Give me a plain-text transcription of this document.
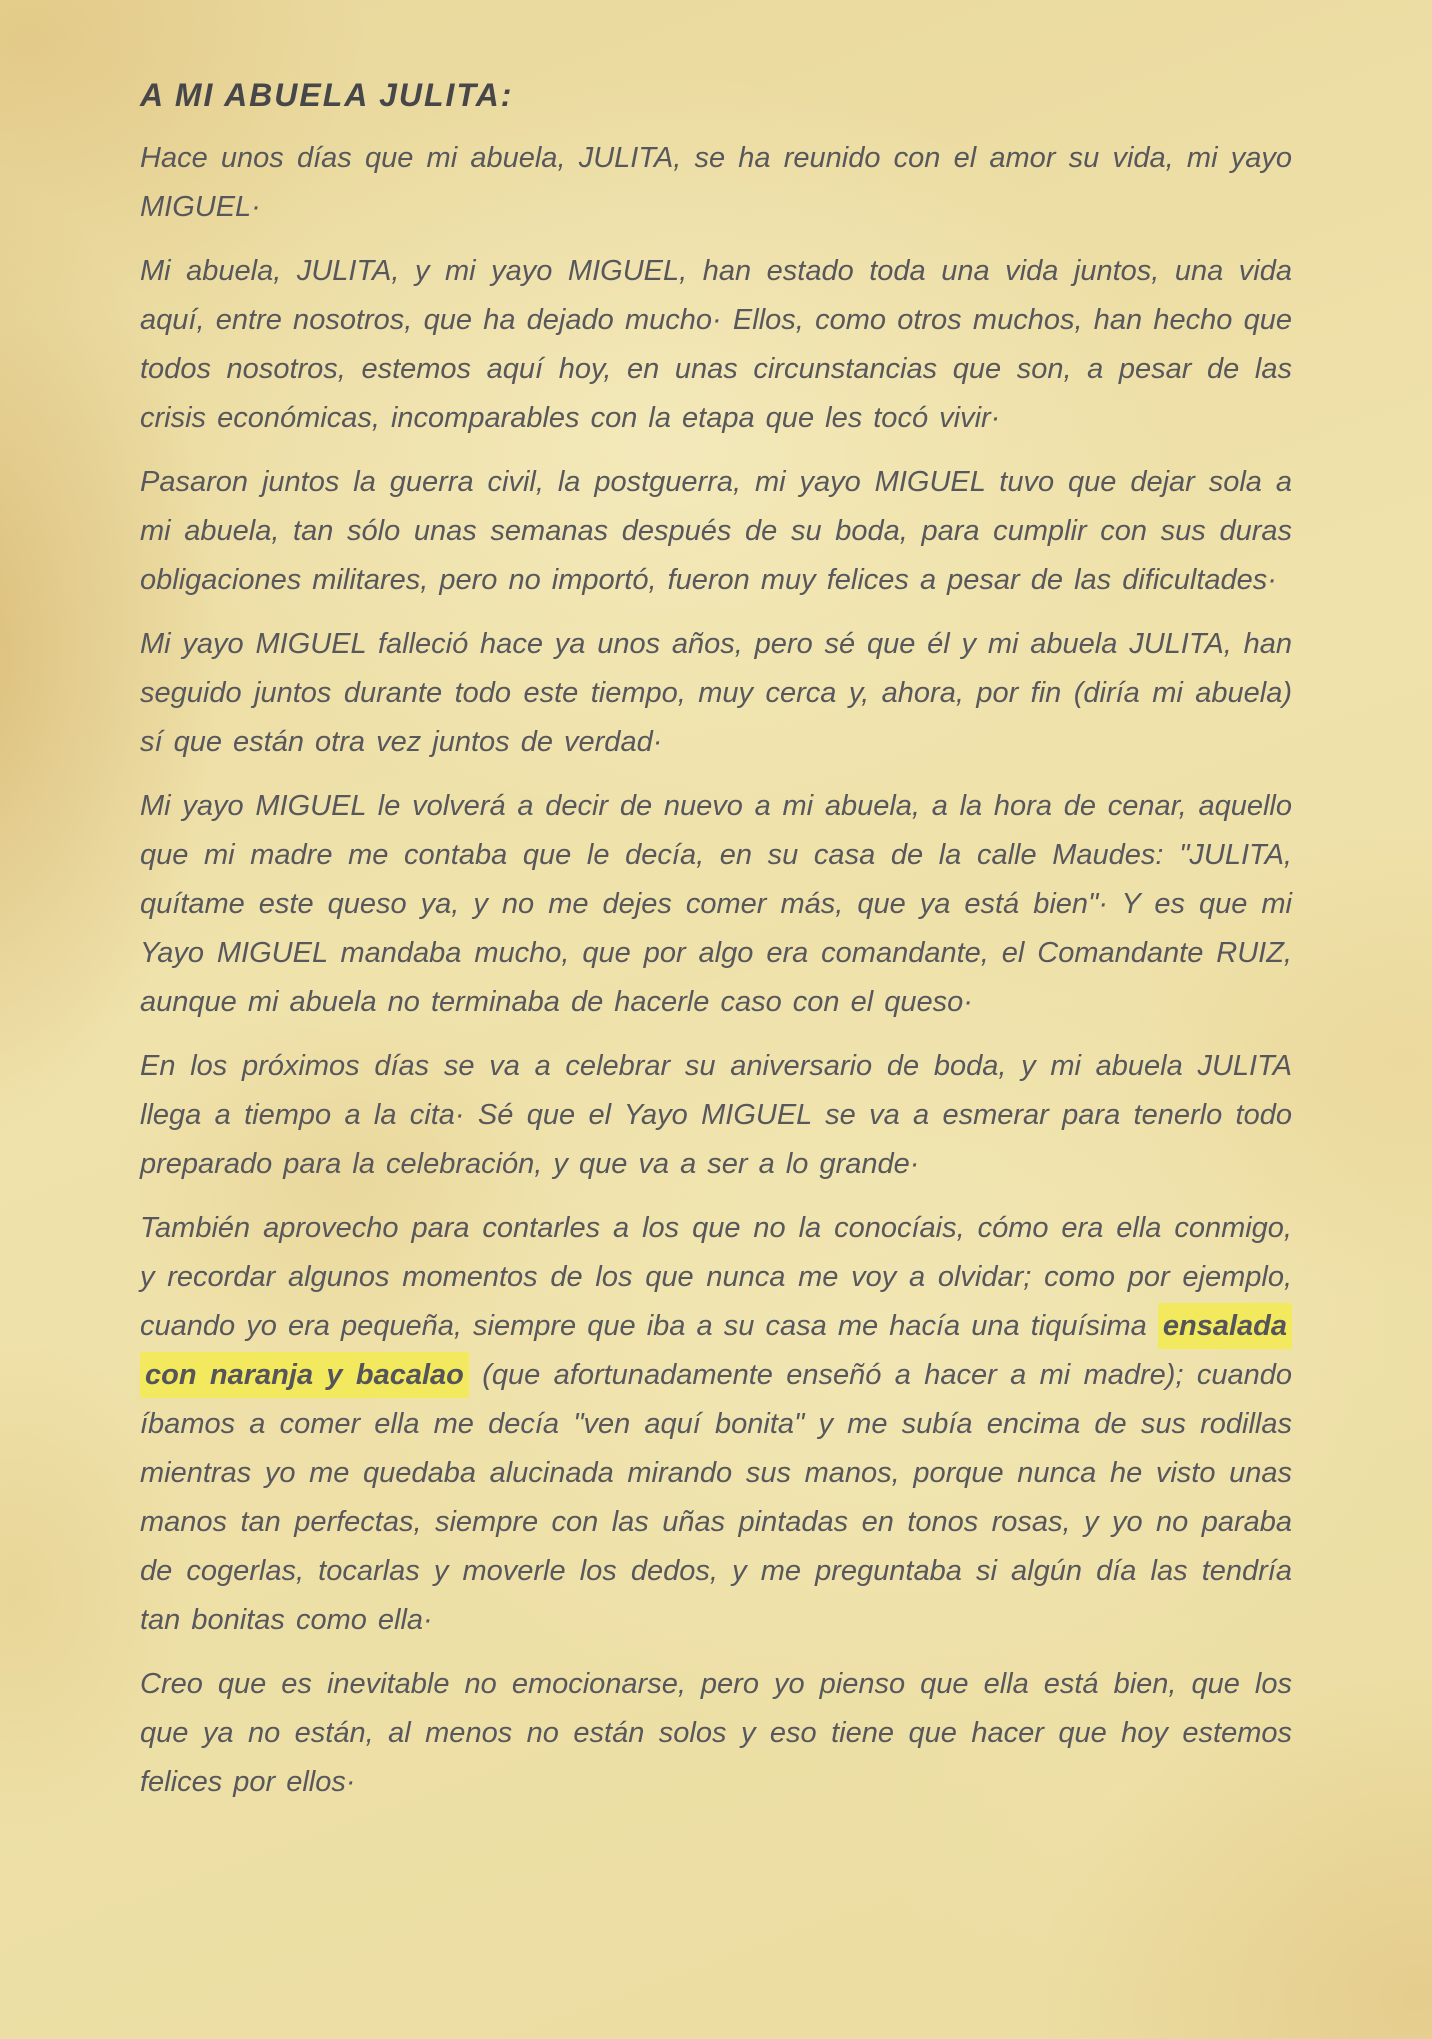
A MI ABUELA JULITA:

Hace unos días que mi abuela, JULITA, se ha reunido con el amor su vida, mi yayo MIGUEL·

Mi abuela, JULITA, y mi yayo MIGUEL, han estado toda una vida juntos, una vida aquí, entre nosotros, que ha dejado mucho· Ellos, como otros muchos, han hecho que todos nosotros, estemos aquí hoy, en unas circunstancias que son, a pesar de las crisis económicas, incomparables con la etapa que les tocó vivir·

Pasaron juntos la guerra civil, la postguerra, mi yayo MIGUEL tuvo que dejar sola a mi abuela, tan sólo unas semanas después de su boda, para cumplir con sus duras obligaciones militares, pero no importó, fueron muy felices a pesar de las dificultades·

Mi yayo MIGUEL falleció hace ya unos años, pero sé que él y mi abuela JULITA, han seguido juntos durante todo este tiempo, muy cerca y, ahora, por fin (diría mi abuela) sí que están otra vez juntos de verdad·

Mi yayo MIGUEL le volverá a decir de nuevo a mi abuela, a la hora de cenar, aquello que mi madre me contaba que le decía, en su casa de la calle Maudes: "JULITA, quítame este queso ya, y no me dejes comer más, que ya está bien"· Y es que mi Yayo MIGUEL mandaba mucho, que por algo era comandante, el Comandante RUIZ, aunque mi abuela no terminaba de hacerle caso con el queso·

En los próximos días se va a celebrar su aniversario de boda, y mi abuela JULITA llega a tiempo a la cita· Sé que el Yayo MIGUEL se va a esmerar para tenerlo todo preparado para la celebración, y que va a ser a lo grande·

También aprovecho para contarles a los que no la conocíais, cómo era ella conmigo, y recordar algunos momentos de los que nunca me voy a olvidar; como por ejemplo, cuando yo era pequeña, siempre que iba a su casa me hacía una tiquísima ensalada con naranja y bacalao (que afortunadamente enseñó a hacer a mi madre); cuando íbamos a comer ella me decía "ven aquí bonita" y me subía encima de sus rodillas mientras yo me quedaba alucinada mirando sus manos, porque nunca he visto unas manos tan perfectas, siempre con las uñas pintadas en tonos rosas, y yo no paraba de cogerlas, tocarlas y moverle los dedos, y me preguntaba si algún día las tendría tan bonitas como ella·

Creo que es inevitable no emocionarse, pero yo pienso que ella está bien, que los que ya no están, al menos no están solos y eso tiene que hacer que hoy estemos felices por ellos·
